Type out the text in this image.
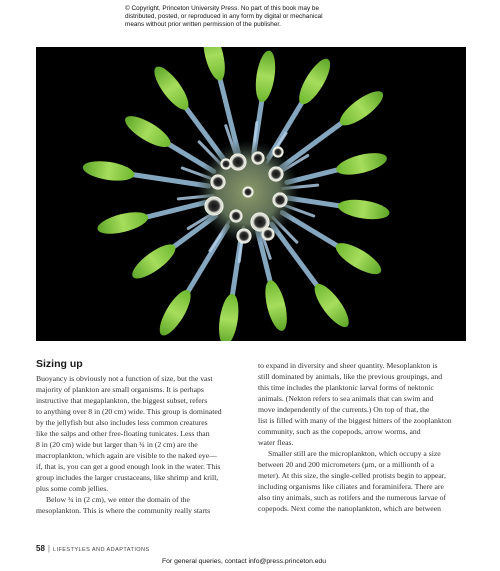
© Copyright, Princeton University Press. No part of this book may be
distributed, posted, or reproduced in any form by digital or mechanical
means without prior written permission of the publisher.
Sizing up
Buoyancy is obviously not a function of size, but the vast
majority of plankton are small organisms. It is perhaps
instructive that megaplankton, the biggest subset, refers
to anything over 8 in (20 cm) wide. This group is dominated
by the jellyfish but also includes less common creatures
like the salps and other free-floating tunicates. Less than
8 in (20 cm) wide but larger than ¾ in (2 cm) are the
macroplankton, which again are visible to the naked eye—
if, that is, you can get a good enough look in the water. This
group includes the larger crustaceans, like shrimp and krill,
plus some comb jellies.
Below ¾ in (2 cm), we enter the domain of the
mesoplankton. This is where the community really starts
to expand in diversity and sheer quantity. Mesoplankton is
still dominated by animals, like the previous groupings, and
this time includes the planktonic larval forms of nektonic
animals. (Nekton refers to sea animals that can swim and
move independently of the currents.) On top of that, the
list is filled with many of the biggest hitters of the zooplankton
community, such as the copepods, arrow worms, and
water fleas.
Smaller still are the microplankton, which occupy a size
between 20 and 200 micrometers (μm, or a millionth of a
meter). At this size, the single-celled protists begin to appear,
including organisms like ciliates and foraminifera. There are
also tiny animals, such as rotifers and the numerous larvae of
copepods. Next come the nanoplankton, which are between
58 | LIFESTYLES AND ADAPTATIONS
For general queries, contact info@press.princeton.edu
